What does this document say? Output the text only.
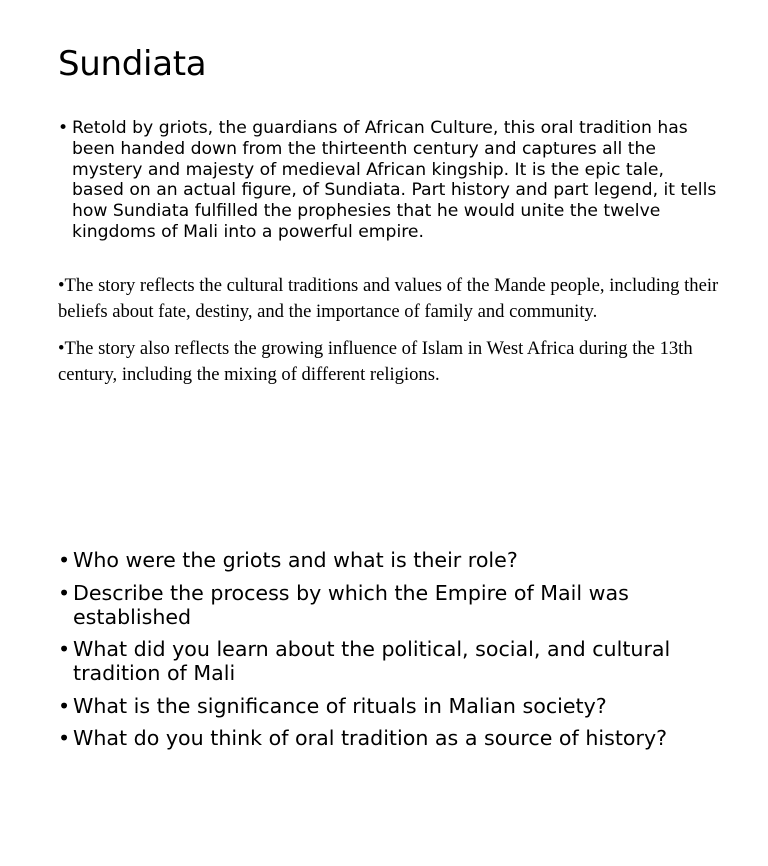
Sundiata
• Retold by griots, the guardians of African Culture, this oral tradition has been handed down from the thirteenth century and captures all the mystery and majesty of medieval African kingship. It is the epic tale, based on an actual figure, of Sundiata. Part history and part legend, it tells how Sundiata fulfilled the prophesies that he would unite the twelve kingdoms of Mali into a powerful empire.

•The story reflects the cultural traditions and values of the Mande people, including their beliefs about fate, destiny, and the importance of family and community.

•The story also reflects the growing influence of Islam in West Africa during the 13th century, including the mixing of different religions.

• Who were the griots and what is their role?
• Describe the process by which the Empire of Mail was established
• What did you learn about the political, social, and cultural tradition of Mali
• What is the significance of rituals in Malian society?
• What do you think of oral tradition as a source of history?
